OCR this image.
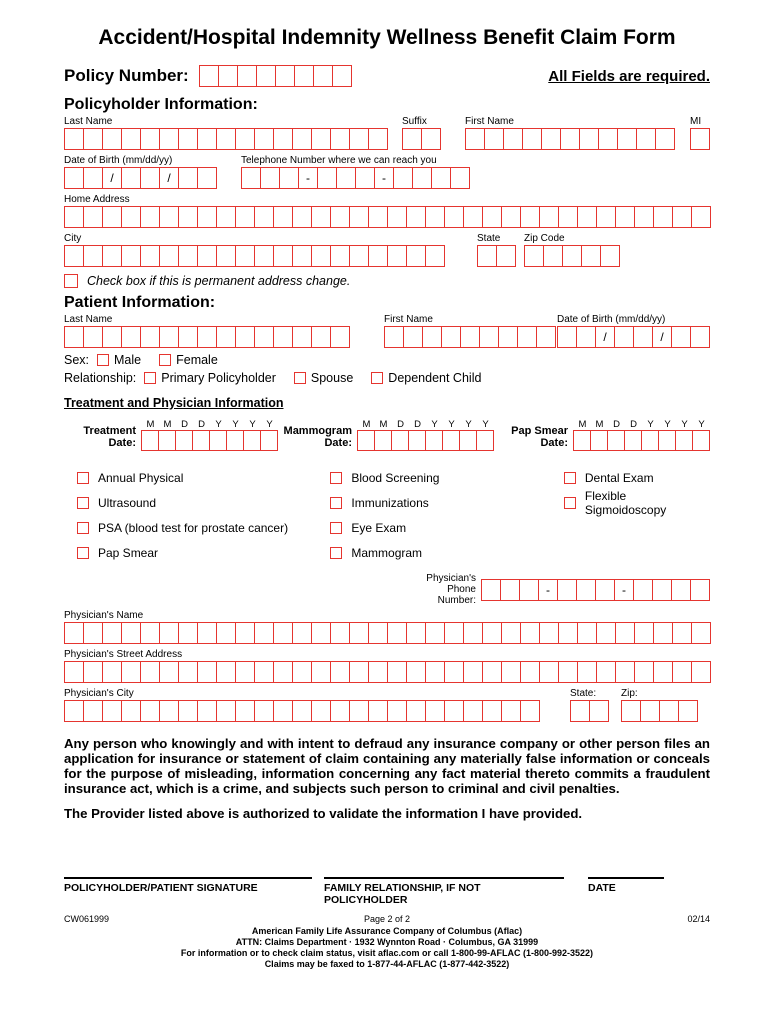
Accident/Hospital Indemnity Wellness Benefit Claim Form
Policy Number:	All Fields are required.
Policyholder Information:
Last Name	Suffix	First Name	MI
Date of Birth (mm/dd/yy)
/	/
Telephone Number where we can reach you
-	-
Home Address
City	State	Zip Code
Check box if this is permanent address change.
Patient Information:
Last Name	First Name	Date of Birth (mm/dd/yy)
/	/
Sex: Male	Female
Relationship: Primary Policyholder	Spouse	Dependent Child
Treatment and Physician Information
Treatment Date:
M M	D	D	Y	Y	Y	Y
Mammogram Date:
M M	D	D	Y	Y	Y	Y
Pap Smear Date:
M M	D	D	Y	Y	Y	Y
Annual Physical
Ultrasound
PSA (blood test for prostate cancer)
Pap Smear
Blood Screening
Immunizations
Eye Exam
Mammogram
Dental Exam
Flexible Sigmoidoscopy
Physician's Phone Number:
-	-
Physician's Name
Physician's Street Address
Physician's City	State:	Zip:
Any person who knowingly and with intent to defraud any insurance company or other person files an application for insurance or statement of claim containing any materially false information or conceals for the purpose of misleading, information concerning any fact material thereto commits a fraudulent insurance act, which is a crime, and subjects such person to criminal and civil penalties.
The Provider listed above is authorized to validate the information I have provided.
POLICYHOLDER/PATIENT SIGNATURE	FAMILY RELATIONSHIP, IF NOT POLICYHOLDER
DATE
CW061999	Page 2 of 2	02/14
American Family Life Assurance Company of Columbus (Aflac)
ATTN: Claims Department · 1932 Wynnton Road · Columbus, GA 31999
For information or to check claim status, visit aflac.com or call 1-800-99-AFLAC (1-800-992-3522)
Claims may be faxed to 1-877-44-AFLAC (1-877-442-3522)
